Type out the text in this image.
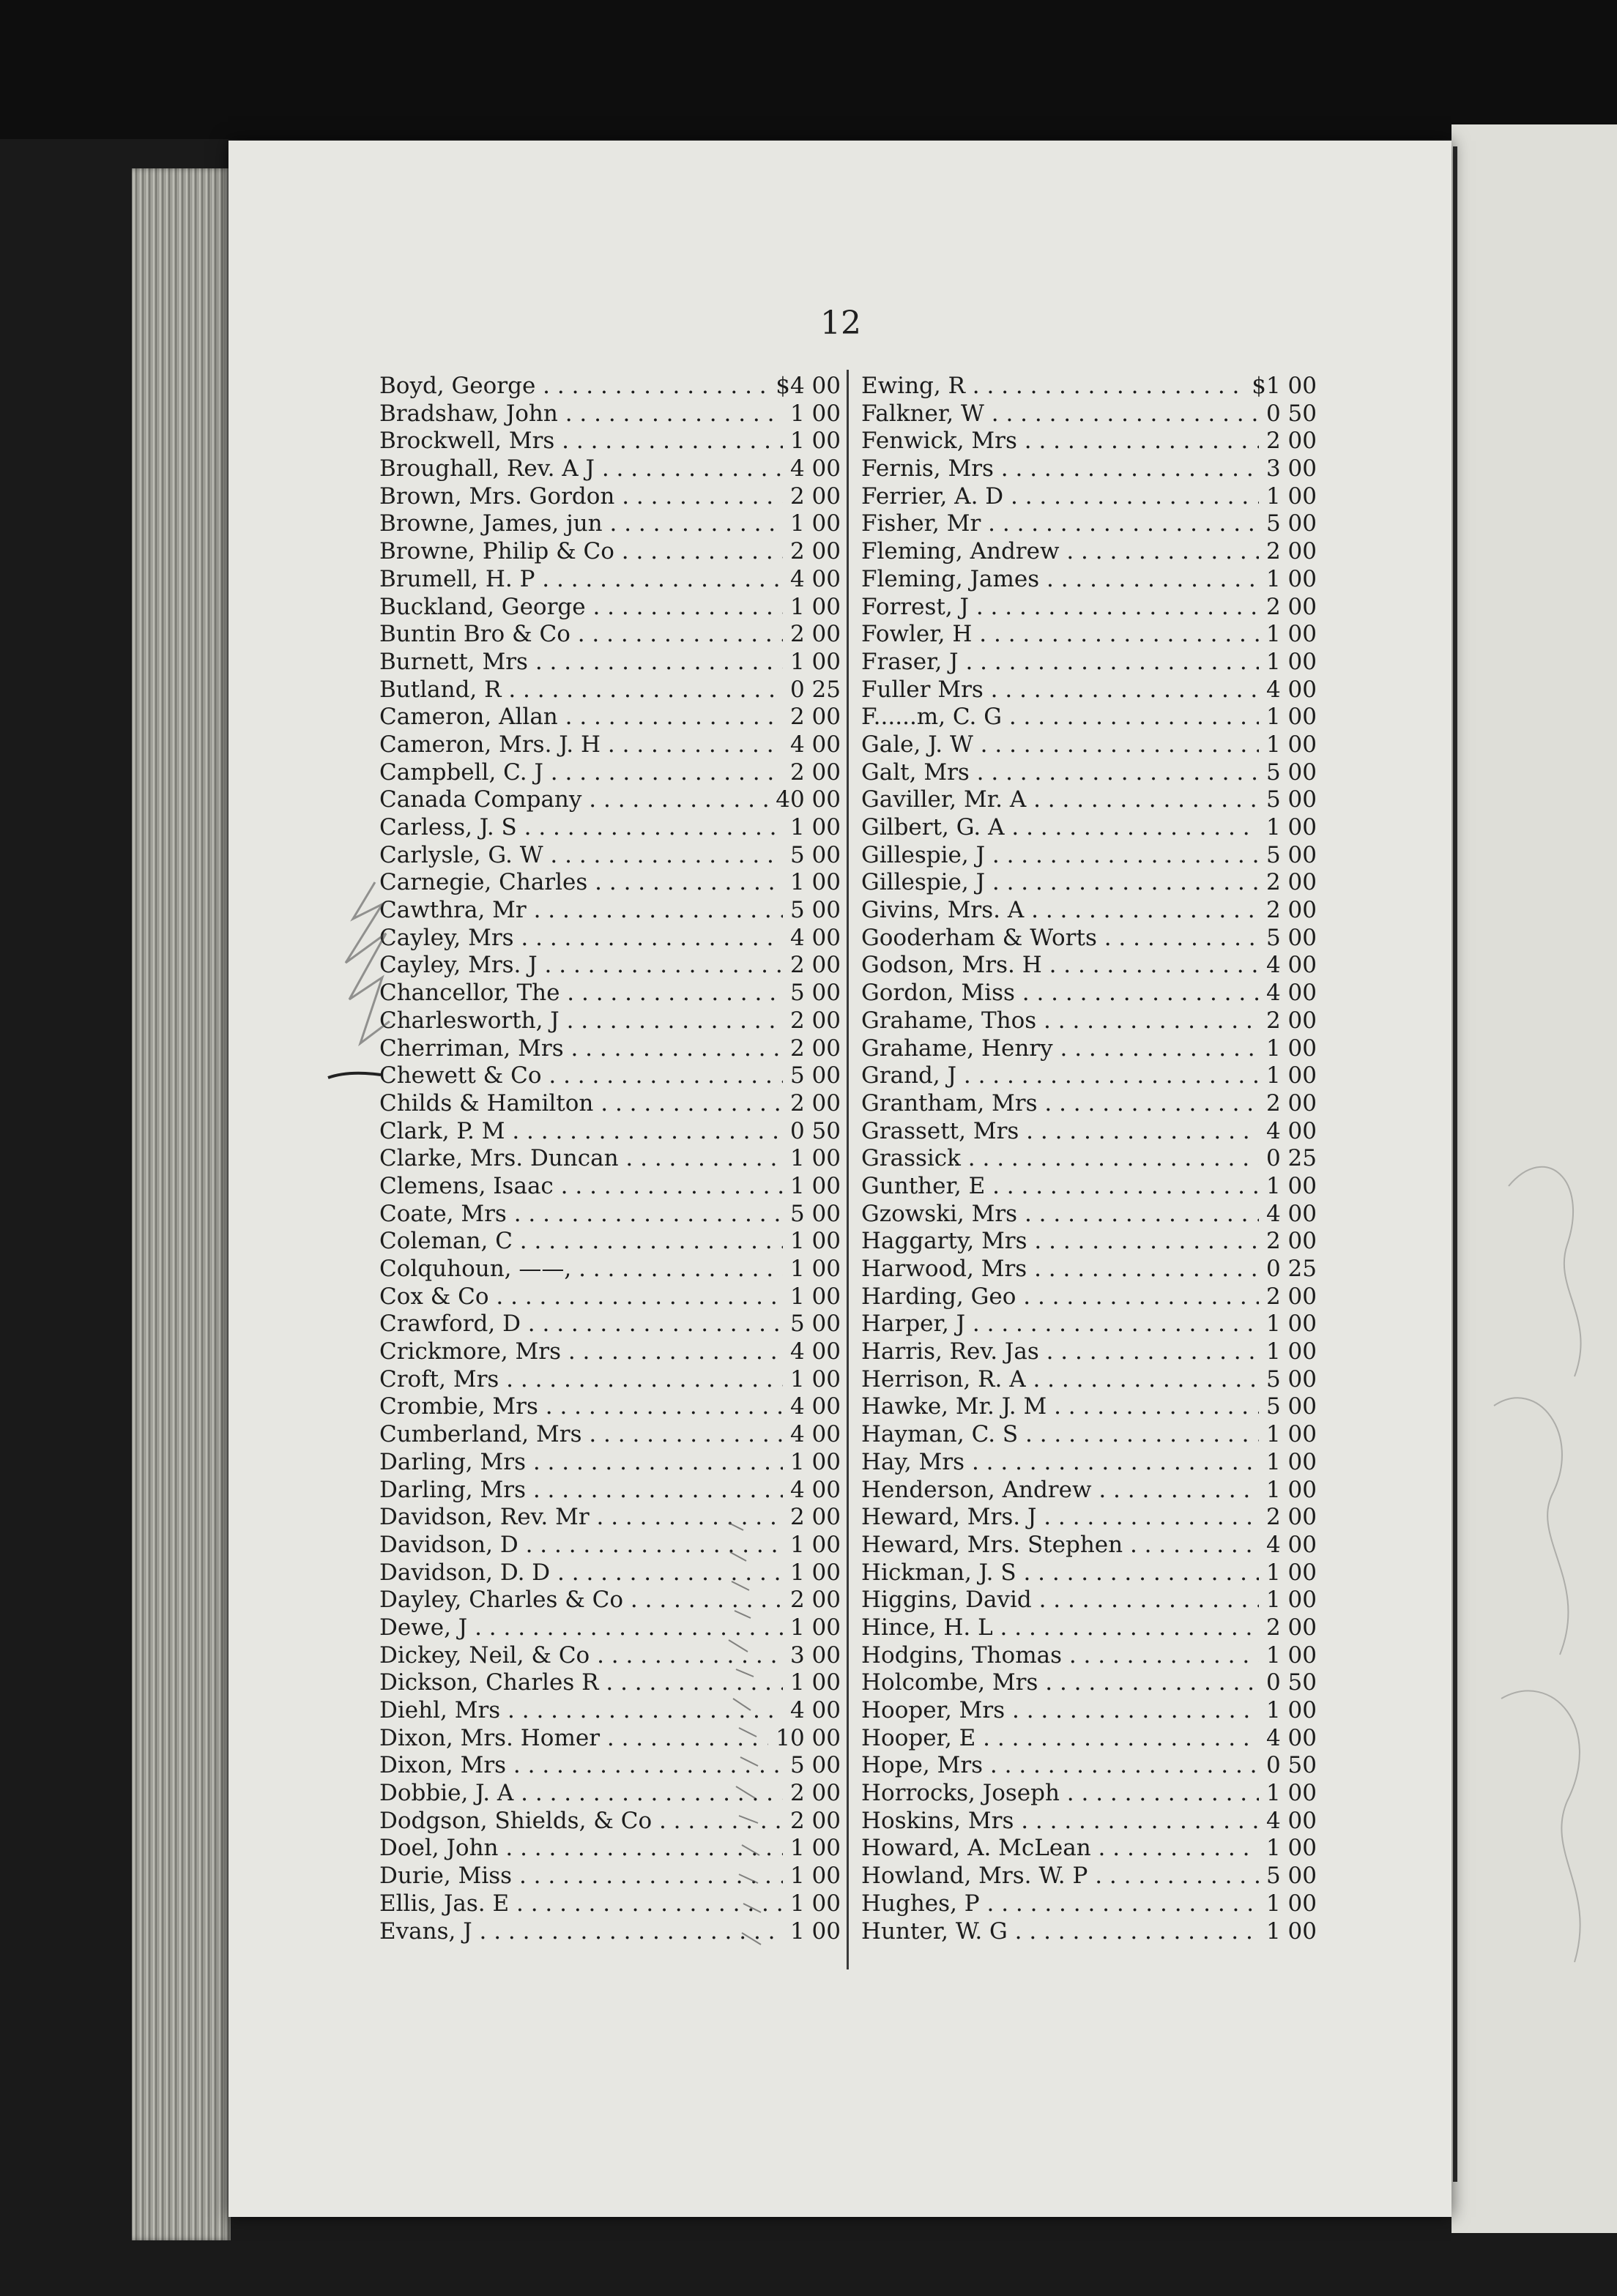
12
Boyd, George . . .	$4 00
Bradshaw, John . . .	1 00
Brockwell, Mrs . . .	1 00
Broughall, Rev. A J . . .	4 00
Brown, Mrs. Gordon . . .	2 00
Browne, James, jun . . .	1 00
Browne, Philip & Co . . .	2 00
Brumell, H. P . . .	4 00
Buckland, George . . .	1 00
Buntin Bro & Co . . .	2 00
Burnett, Mrs . . .	1 00
Butland, R . . .	0 25
Cameron, Allan . . .	2 00
Cameron, Mrs. J. H . . .	4 00
Campbell, C. J . . .	2 00
Canada Company . . .	40 00
Carless, J. S . . .	1 00
Carlysle, G. W . . .	5 00
Carnegie, Charles . . .	1 00
Cawthra, Mr . . .	5 00
Cayley, Mrs . . .	4 00
Cayley, Mrs. J . . .	2 00
Chancellor, The . . .	5 00
Charlesworth, J . . .	2 00
Cherriman, Mrs . . .	2 00
Chewett & Co . . .	5 00
Childs & Hamilton . . .	2 00
Clark, P. M . . .	0 50
Clarke, Mrs. Duncan . . .	1 00
Clemens, Isaac . . .	1 00
Coate, Mrs . . .	5 00
Coleman, C . . .	1 00
Colquhoun, ——, . . .	1 00
Cox & Co . . .	1 00
Crawford, D . . .	5 00
Crickmore, Mrs . . .	4 00
Croft, Mrs . . .	1 00
Crombie, Mrs . . .	4 00
Cumberland, Mrs . . .	4 00
Darling, Mrs . . .	1 00
Darling, Mrs . . .	4 00
Davidson, Rev. Mr . . .	2 00
Davidson, D . . .	1 00
Davidson, D. D . . .	1 00
Dayley, Charles & Co . . .	2 00
Dewe, J . . .	1 00
Dickey, Neil, & Co . . .	3 00
Dickson, Charles R . . .	1 00
Diehl, Mrs . . .	4 00
Dixon, Mrs. Homer . . .	10 00
Dixon, Mrs . . .	5 00
Dobbie, J. A . . .	2 00
Dodgson, Shields, & Co . . .	2 00
Doel, John . . .	1 00
Durie, Miss . . .	1 00
Ellis, Jas. E . . .	1 00
Evans, J . . .	1 00
Ewing, R . . .	$1 00
Falkner, W . . .	0 50
Fenwick, Mrs . . .	2 00
Fernis, Mrs . . .	3 00
Ferrier, A. D . . .	1 00
Fisher, Mr . . .	5 00
Fleming, Andrew . . .	2 00
Fleming, James . . .	1 00
Forrest, J . . .	2 00
Fowler, H . . .	1 00
Fraser, J . . .	1 00
Fuller Mrs . . .	4 00
F......m, C. G . . .	1 00
Gale, J. W . . .	1 00
Galt, Mrs . . .	5 00
Gaviller, Mr. A . . .	5 00
Gilbert, G. A . . .	1 00
Gillespie, J . . .	5 00
Gillespie, J . . .	2 00
Givins, Mrs. A . . .	2 00
Gooderham & Worts . . .	5 00
Godson, Mrs. H . . .	4 00
Gordon, Miss . . .	4 00
Grahame, Thos . . .	2 00
Grahame, Henry . . .	1 00
Grand, J . . .	1 00
Grantham, Mrs . . .	2 00
Grassett, Mrs . . .	4 00
Grassick . . .	0 25
Gunther, E . . .	1 00
Gzowski, Mrs . . .	4 00
Haggarty, Mrs . . .	2 00
Harwood, Mrs . . .	0 25
Harding, Geo . . .	2 00
Harper, J . . .	1 00
Harris, Rev. Jas . . .	1 00
Herrison, R. A . . .	5 00
Hawke, Mr. J. M . . .	5 00
Hayman, C. S . . .	1 00
Hay, Mrs . . .	1 00
Henderson, Andrew . . .	1 00
Heward, Mrs. J . . .	2 00
Heward, Mrs. Stephen . . .	4 00
Hickman, J. S . . .	1 00
Higgins, David . . .	1 00
Hince, H. L . . .	2 00
Hodgins, Thomas . . .	1 00
Holcombe, Mrs . . .	0 50
Hooper, Mrs . . .	1 00
Hooper, E . . .	4 00
Hope, Mrs . . .	0 50
Horrocks, Joseph . . .	1 00
Hoskins, Mrs . . .	4 00
Howard, A. McLean . . .	1 00
Howland, Mrs. W. P . . .	5 00
Hughes, P . . .	1 00
Hunter, W. G . . .	1 00
